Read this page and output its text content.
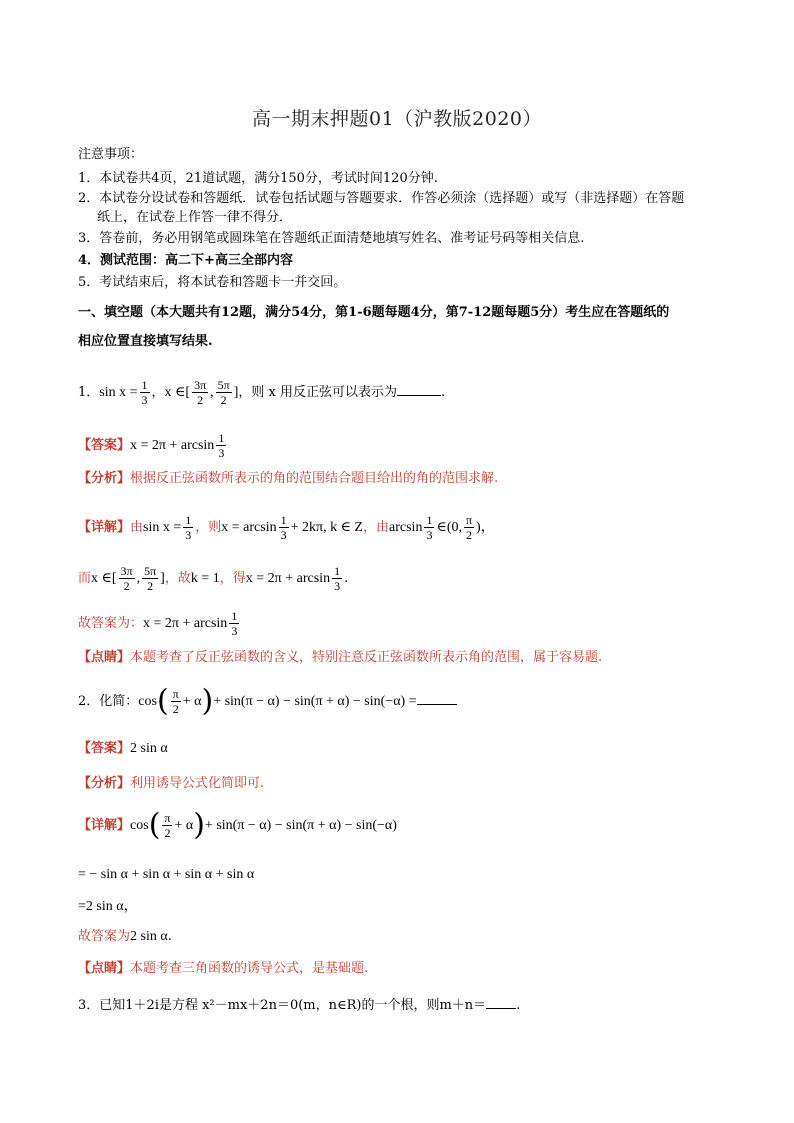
高一期末押题01（沪教版2020）
注意事项：
1．本试卷共4页，21道试题，满分150分，考试时间120分钟.
2．本试卷分设试卷和答题纸．试卷包括试题与答题要求．作答必须涂（选择题）或写（非选择题）在答题
纸上，在试卷上作答一律不得分．
3．答卷前，务必用钢笔或圆珠笔在答题纸正面清楚地填写姓名、准考证号码等相关信息.
4．测试范围：高二下+高三全部内容
5．考试结束后，将本试卷和答题卡一并交回。
一、填空题（本大题共有12题，满分54分，第1-6题每题4分，第7-12题每题5分）考生应在答题纸的
相应位置直接填写结果.
1．$\sin x = \frac{1}{3}$ ，x ∈[ $\frac{3\pi}{2}$ , $\frac{5\pi}{2}$ ]，则 x 用反正弦可以表示为	.
【答案】$x = 2\pi + \arcsin \frac{1}{3}$
【分析】根据反正弦函数所表示的角的范围结合题目给出的角的范围求解.
【详解】由$\sin x = \frac{1}{3}$ ，则$x = \arcsin \frac{1}{3} + 2k\pi$, k ∈ Z，由$\arcsin \frac{1}{3}$ ∈(0, $\frac{\pi}{2}$ )，
而x ∈[ $\frac{3\pi}{2}$ , $\frac{5\pi}{2}$ ]，故k = 1，得$x = 2\pi + \arcsin \frac{1}{3}$ .
故答案为：$x = 2\pi + \arcsin \frac{1}{3}$
【点睛】本题考查了反正弦函数的含义，特别注意反正弦函数所表示角的范围，属于容易题.
2．化简：$\cos( \frac{\pi}{2} + \alpha)+ \sin(\pi - \alpha) - \sin(\pi + \alpha) - \sin(-\alpha)$ =
【答案】2 sin α
【分析】利用诱导公式化简即可.
【详解】$\cos( \frac{\pi}{2} + \alpha)+ \sin(\pi - \alpha) - \sin(\pi + \alpha) - \sin(-\alpha)$
= − sin α + sin α + sin α + sin α
=2 sin α，
故答案为2 sin α.
【点睛】本题考查三角函数的诱导公式，是基础题.
3．已知1＋2i是方程 x²－mx＋2n＝0(m，n∈R)的一个根，则m＋n＝ .
